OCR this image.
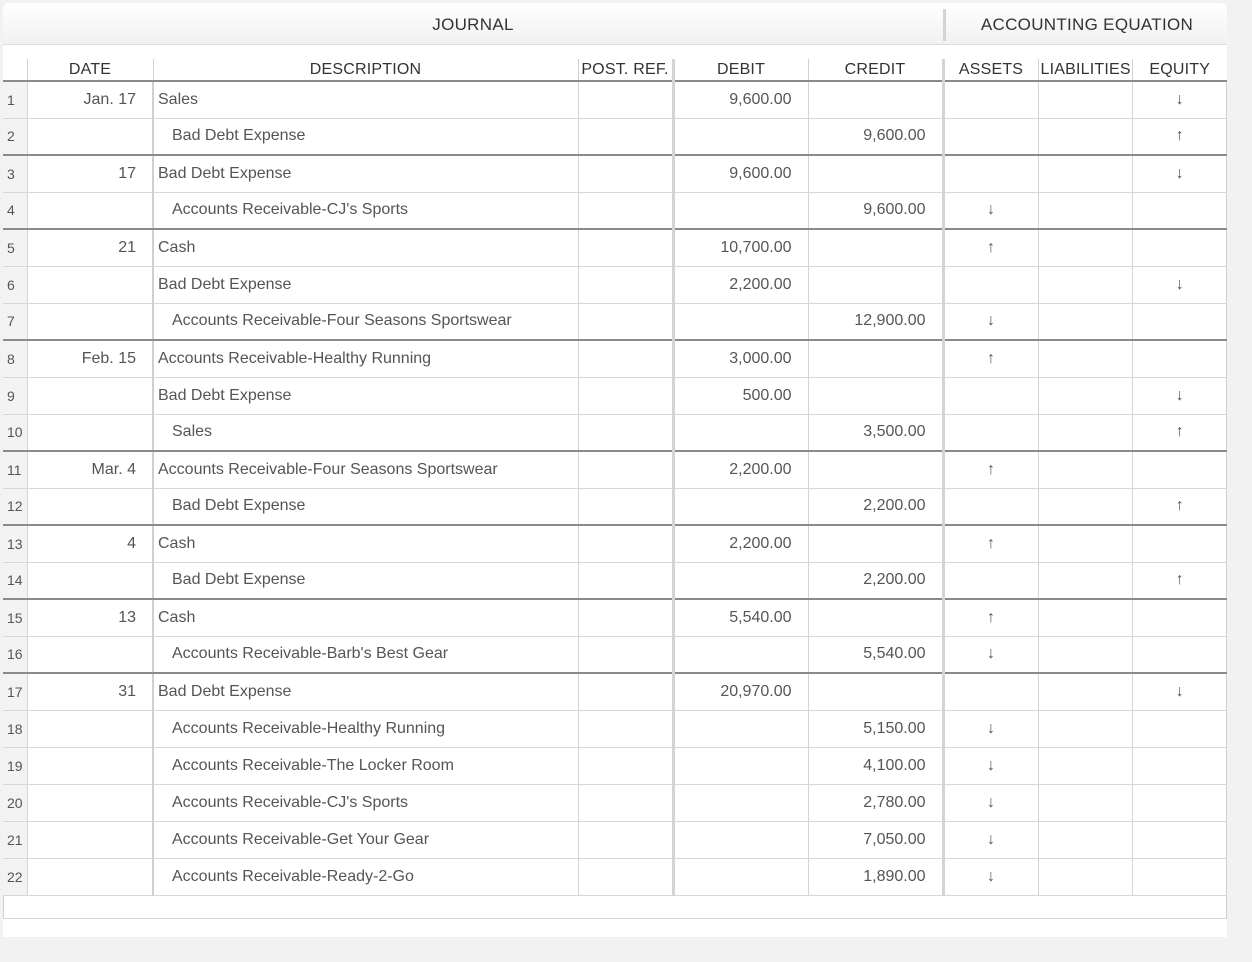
JOURNAL	ACCOUNTING EQUATION
	DATE	DESCRIPTION	POST. REF.	DEBIT	CREDIT	ASSETS	LIABILITIES	EQUITY
1	Jan. 17	Sales		9,600.00				↓
2		Bad Debt Expense			9,600.00			↑
3	17	Bad Debt Expense		9,600.00				↓
4		Accounts Receivable-CJ's Sports			9,600.00	↓		
5	21	Cash		10,700.00		↑		
6		Bad Debt Expense		2,200.00				↓
7		Accounts Receivable-Four Seasons Sportswear			12,900.00	↓		
8	Feb. 15	Accounts Receivable-Healthy Running		3,000.00		↑		
9		Bad Debt Expense		500.00				↓
10		Sales			3,500.00			↑
11	Mar. 4	Accounts Receivable-Four Seasons Sportswear		2,200.00		↑		
12		Bad Debt Expense			2,200.00			↑
13	4	Cash		2,200.00		↑		
14		Bad Debt Expense			2,200.00			↑
15	13	Cash		5,540.00		↑		
16		Accounts Receivable-Barb's Best Gear			5,540.00	↓		
17	31	Bad Debt Expense		20,970.00				↓
18		Accounts Receivable-Healthy Running			5,150.00	↓		
19		Accounts Receivable-The Locker Room			4,100.00	↓		
20		Accounts Receivable-CJ's Sports			2,780.00	↓		
21		Accounts Receivable-Get Your Gear			7,050.00	↓		
22		Accounts Receivable-Ready-2-Go			1,890.00	↓		
